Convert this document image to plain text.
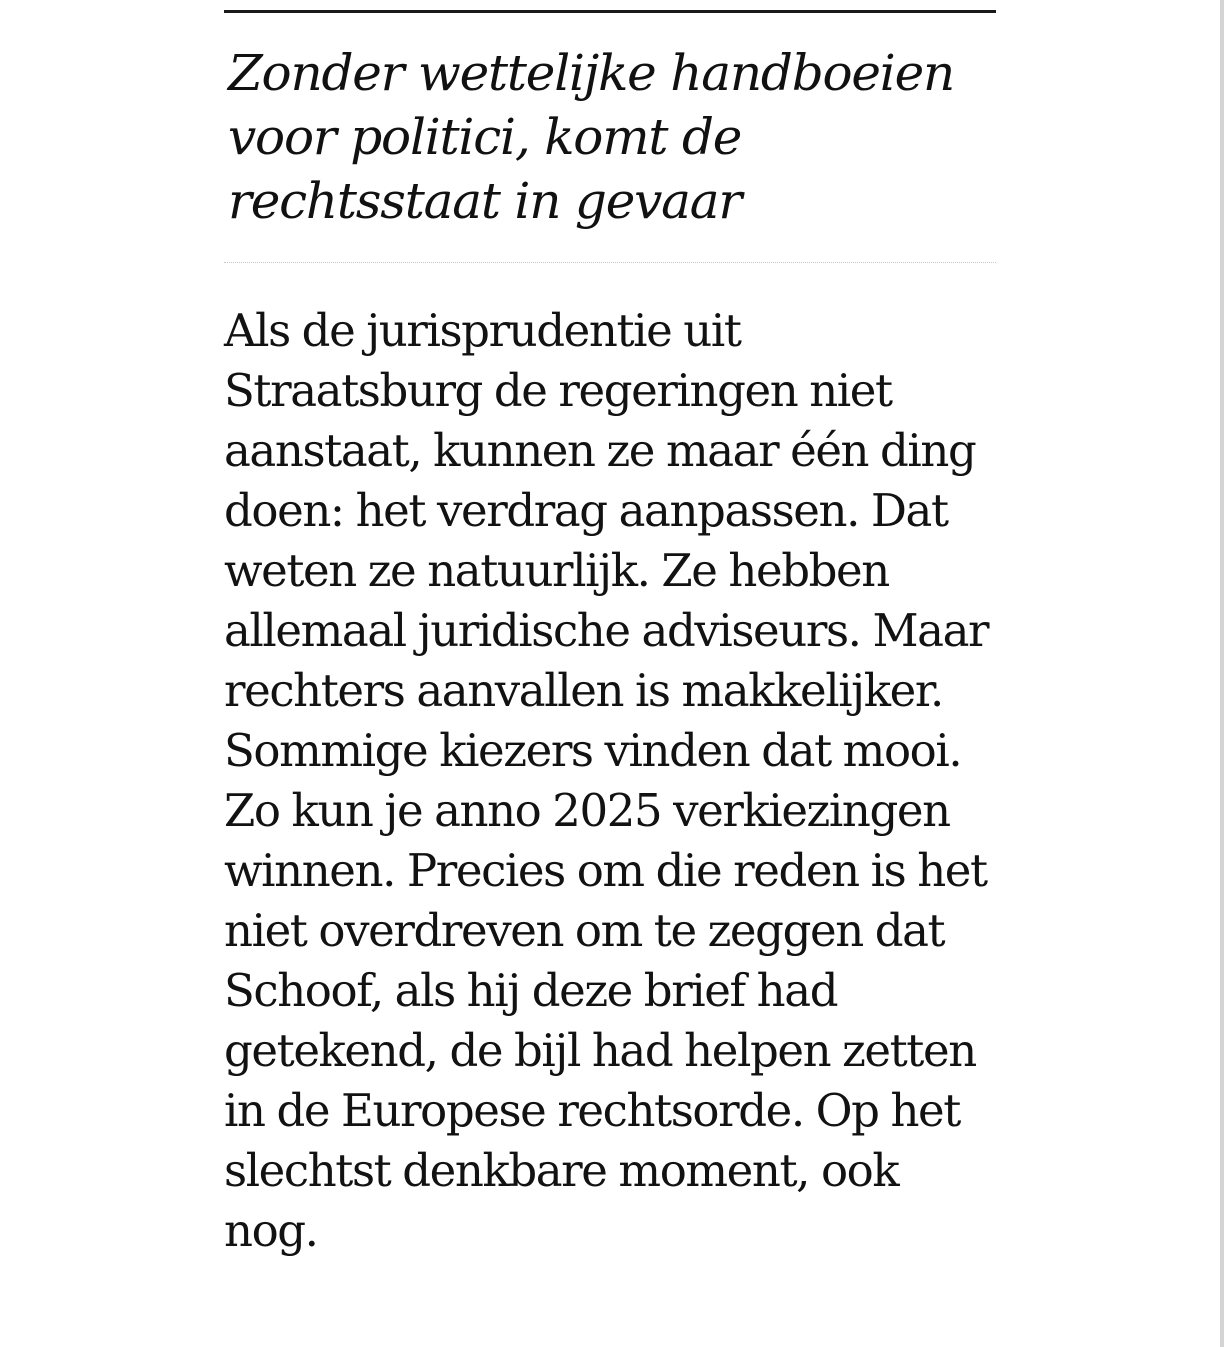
Zonder wettelijke handboeien voor politici, komt de rechtsstaat in gevaar

Als de jurisprudentie uit Straatsburg de regeringen niet aanstaat, kunnen ze maar één ding doen: het verdrag aanpassen. Dat weten ze natuurlijk. Ze hebben allemaal juridische adviseurs. Maar rechters aanvallen is makkelijker. Sommige kiezers vinden dat mooi. Zo kun je anno 2025 verkiezingen winnen. Precies om die reden is het niet overdreven om te zeggen dat Schoof, als hij deze brief had getekend, de bijl had helpen zetten in de Europese rechtsorde. Op het slechtst denkbare moment, ook nog.
